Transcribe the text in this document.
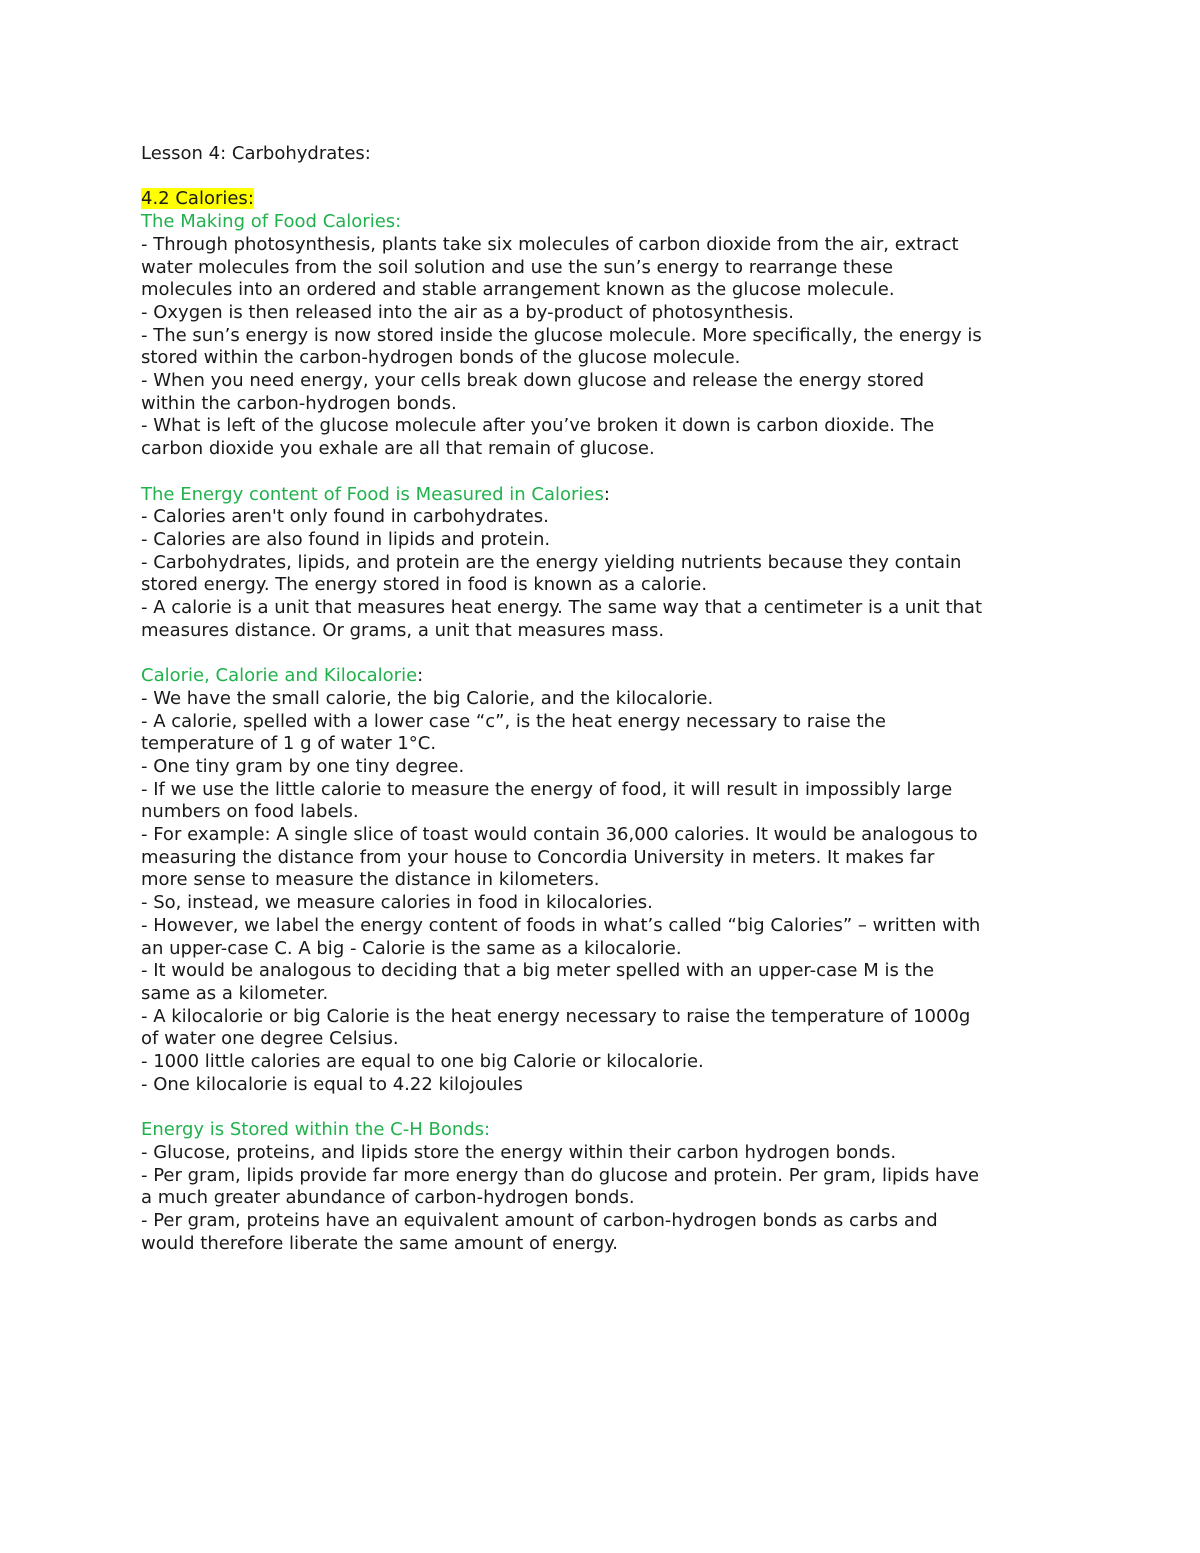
Lesson 4: Carbohydrates:

4.2 Calories:

The Making of Food Calories:

- Through photosynthesis, plants take six molecules of carbon dioxide from the air, extract

water molecules from the soil solution and use the sun’s energy to rearrange these

molecules into an ordered and stable arrangement known as the glucose molecule.

- Oxygen is then released into the air as a by-product of photosynthesis.

- The sun’s energy is now stored inside the glucose molecule. More specifically, the energy is

stored within the carbon-hydrogen bonds of the glucose molecule.

- When you need energy, your cells break down glucose and release the energy stored

within the carbon-hydrogen bonds.

- What is left of the glucose molecule after you’ve broken it down is carbon dioxide. The

carbon dioxide you exhale are all that remain of glucose.

The Energy content of Food is Measured in Calories:

- Calories aren't only found in carbohydrates.

- Calories are also found in lipids and protein.

- Carbohydrates, lipids, and protein are the energy yielding nutrients because they contain

stored energy. The energy stored in food is known as a calorie.

- A calorie is a unit that measures heat energy. The same way that a centimeter is a unit that

measures distance. Or grams, a unit that measures mass.

Calorie, Calorie and Kilocalorie:

- We have the small calorie, the big Calorie, and the kilocalorie.

- A calorie, spelled with a lower case “c”, is the heat energy necessary to raise the

temperature of 1 g of water 1°C.

- One tiny gram by one tiny degree.

- If we use the little calorie to measure the energy of food, it will result in impossibly large

numbers on food labels.

- For example: A single slice of toast would contain 36,000 calories. It would be analogous to

measuring the distance from your house to Concordia University in meters. It makes far

more sense to measure the distance in kilometers.

- So, instead, we measure calories in food in kilocalories.

- However, we label the energy content of foods in what’s called “big Calories” – written with

an upper-case C. A big - Calorie is the same as a kilocalorie.

- It would be analogous to deciding that a big meter spelled with an upper-case M is the

same as a kilometer.

- A kilocalorie or big Calorie is the heat energy necessary to raise the temperature of 1000g

of water one degree Celsius.

- 1000 little calories are equal to one big Calorie or kilocalorie.

- One kilocalorie is equal to 4.22 kilojoules

Energy is Stored within the C-H Bonds:

- Glucose, proteins, and lipids store the energy within their carbon hydrogen bonds.

- Per gram, lipids provide far more energy than do glucose and protein. Per gram, lipids have

a much greater abundance of carbon-hydrogen bonds.

- Per gram, proteins have an equivalent amount of carbon-hydrogen bonds as carbs and

would therefore liberate the same amount of energy.
